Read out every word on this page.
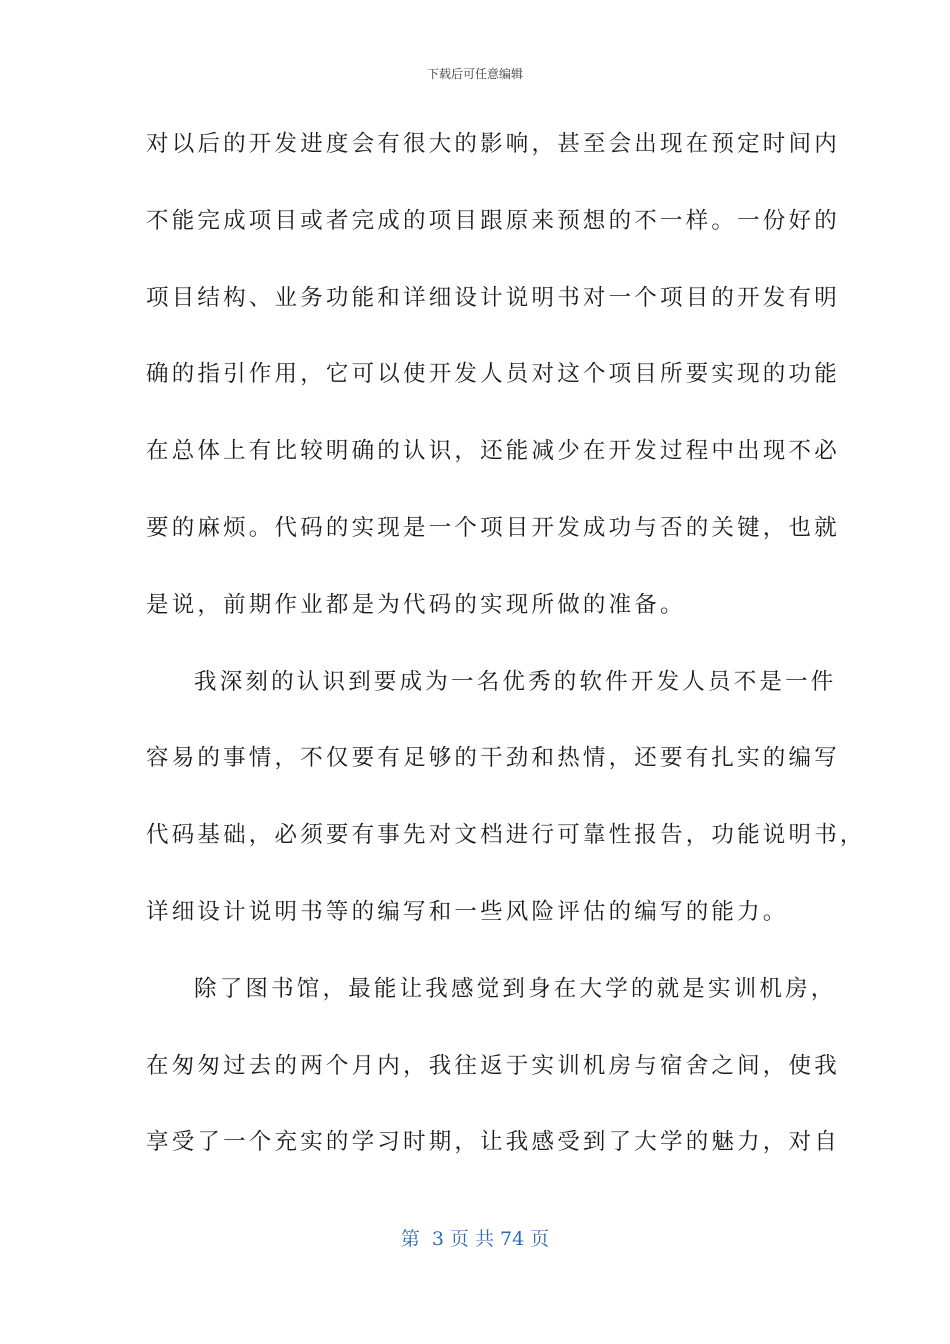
下载后可任意编辑
对以后的开发进度会有很大的影响，甚至会出现在预定时间内
不能完成项目或者完成的项目跟原来预想的不一样。一份好的
项目结构、业务功能和详细设计说明书对一个项目的开发有明
确的指引作用，它可以使开发人员对这个项目所要实现的功能
在总体上有比较明确的认识，还能减少在开发过程中出现不必
要的麻烦。代码的实现是一个项目开发成功与否的关键，也就
是说，前期作业都是为代码的实现所做的准备。
我深刻的认识到要成为一名优秀的软件开发人员不是一件
容易的事情，不仅要有足够的干劲和热情，还要有扎实的编写
代码基础，必须要有事先对文档进行可靠性报告，功能说明书，
详细设计说明书等的编写和一些风险评估的编写的能力。
除了图书馆，最能让我感觉到身在大学的就是实训机房，
在匆匆过去的两个月内，我往返于实训机房与宿舍之间，使我
享受了一个充实的学习时期，让我感受到了大学的魅力，对自
第  3 页 共 74 页
